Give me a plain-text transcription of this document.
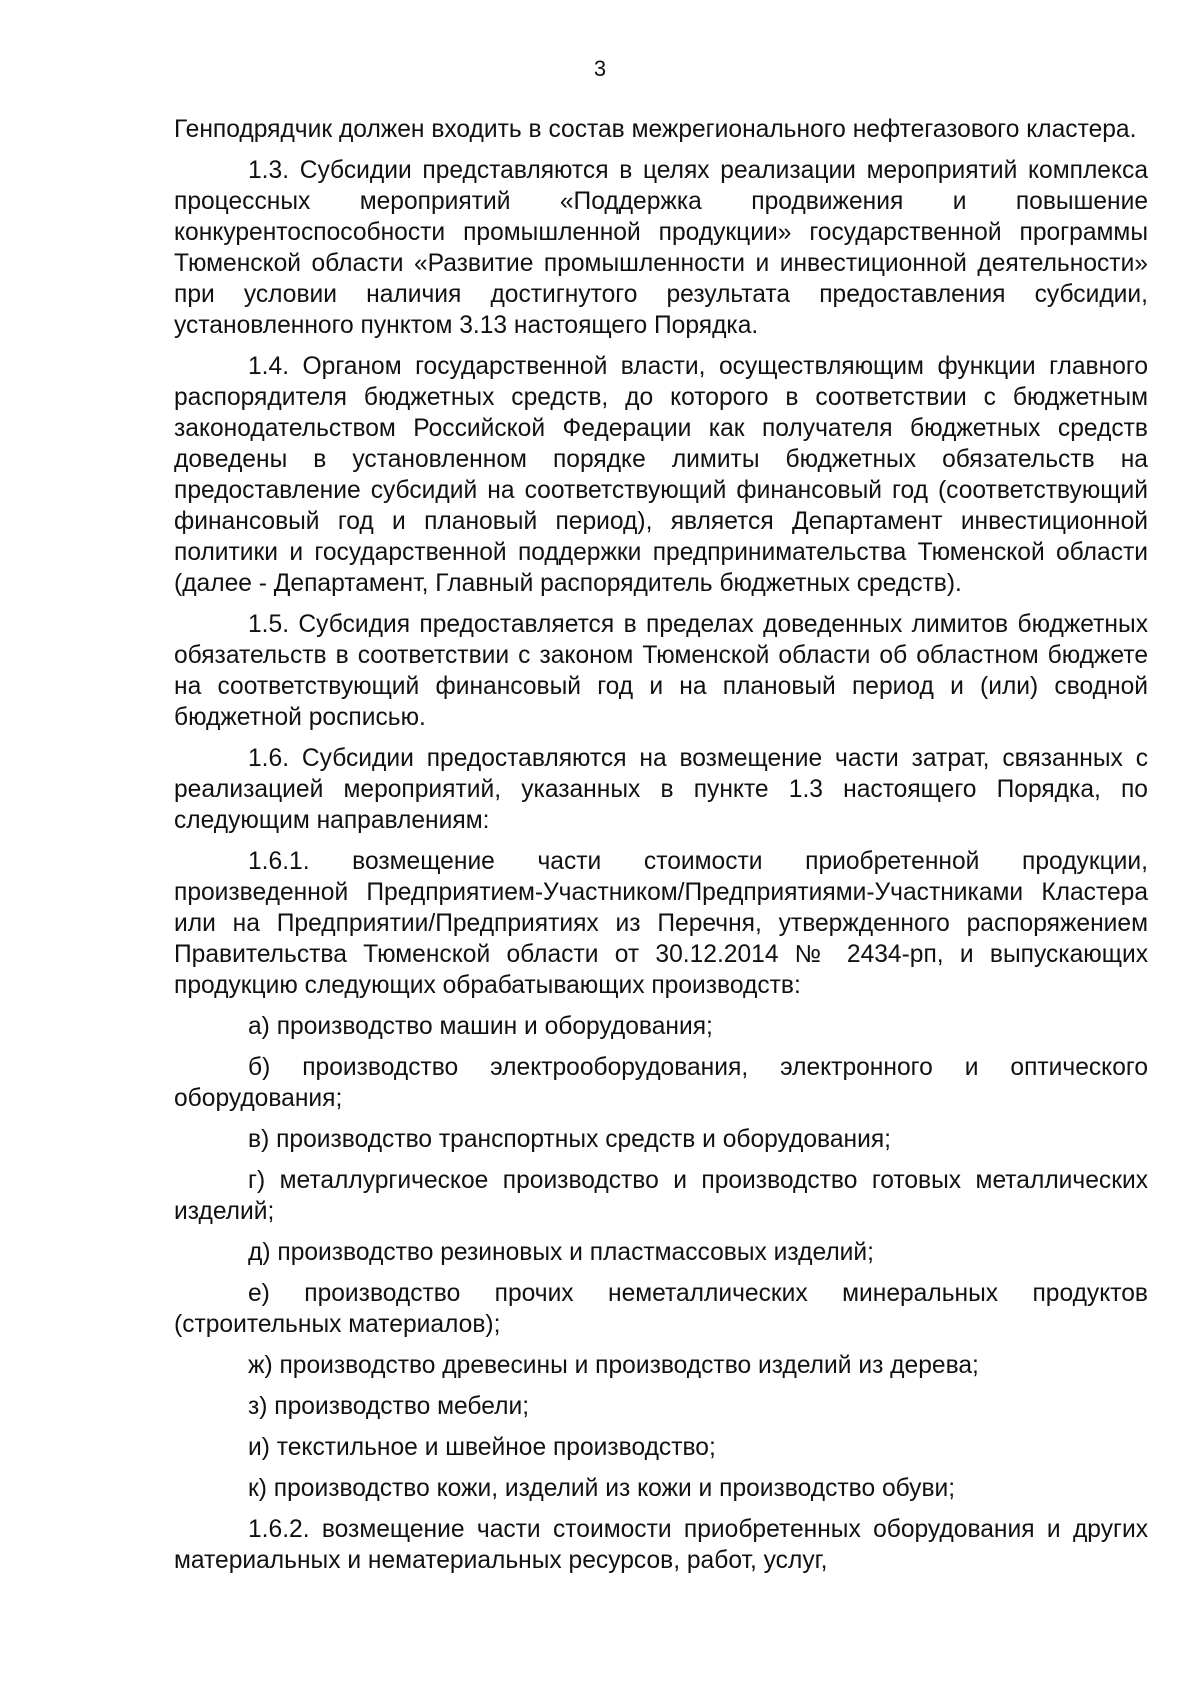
3

Генподрядчик должен входить в состав межрегионального нефтегазового кластера.

1.3. Субсидии представляются в целях реализации мероприятий комплекса процессных мероприятий «Поддержка продвижения и повышение конкурентоспособности промышленной продукции» государственной программы Тюменской области «Развитие промышленности и инвестиционной деятельности» при условии наличия достигнутого результата предоставления субсидии, установленного пунктом 3.13 настоящего Порядка.

1.4. Органом государственной власти, осуществляющим функции главного распорядителя бюджетных средств, до которого в соответствии с бюджетным законодательством Российской Федерации как получателя бюджетных средств доведены в установленном порядке лимиты бюджетных обязательств на предоставление субсидий на соответствующий финансовый год (соответствующий финансовый год и плановый период), является Департамент инвестиционной политики и государственной поддержки предпринимательства Тюменской области (далее - Департамент, Главный распорядитель бюджетных средств).

1.5. Субсидия предоставляется в пределах доведенных лимитов бюджетных обязательств в соответствии с законом Тюменской области об областном бюджете на соответствующий финансовый год и на плановый период и (или) сводной бюджетной росписью.

1.6. Субсидии предоставляются на возмещение части затрат, связанных с реализацией мероприятий, указанных в пункте 1.3 настоящего Порядка, по следующим направлениям:

1.6.1. возмещение части стоимости приобретенной продукции, произведенной Предприятием-Участником/Предприятиями-Участниками Кластера или на Предприятии/Предприятиях из Перечня, утвержденного распоряжением Правительства Тюменской области от 30.12.2014 № 2434-рп, и выпускающих продукцию следующих обрабатывающих производств:

а) производство машин и оборудования;

б) производство электрооборудования, электронного и оптического оборудования;

в) производство транспортных средств и оборудования;

г) металлургическое производство и производство готовых металлических изделий;

д) производство резиновых и пластмассовых изделий;

е) производство прочих неметаллических минеральных продуктов (строительных материалов);

ж) производство древесины и производство изделий из дерева;

з) производство мебели;

и) текстильное и швейное производство;

к) производство кожи, изделий из кожи и производство обуви;

1.6.2. возмещение части стоимости приобретенных оборудования и других материальных и нематериальных ресурсов, работ, услуг,
